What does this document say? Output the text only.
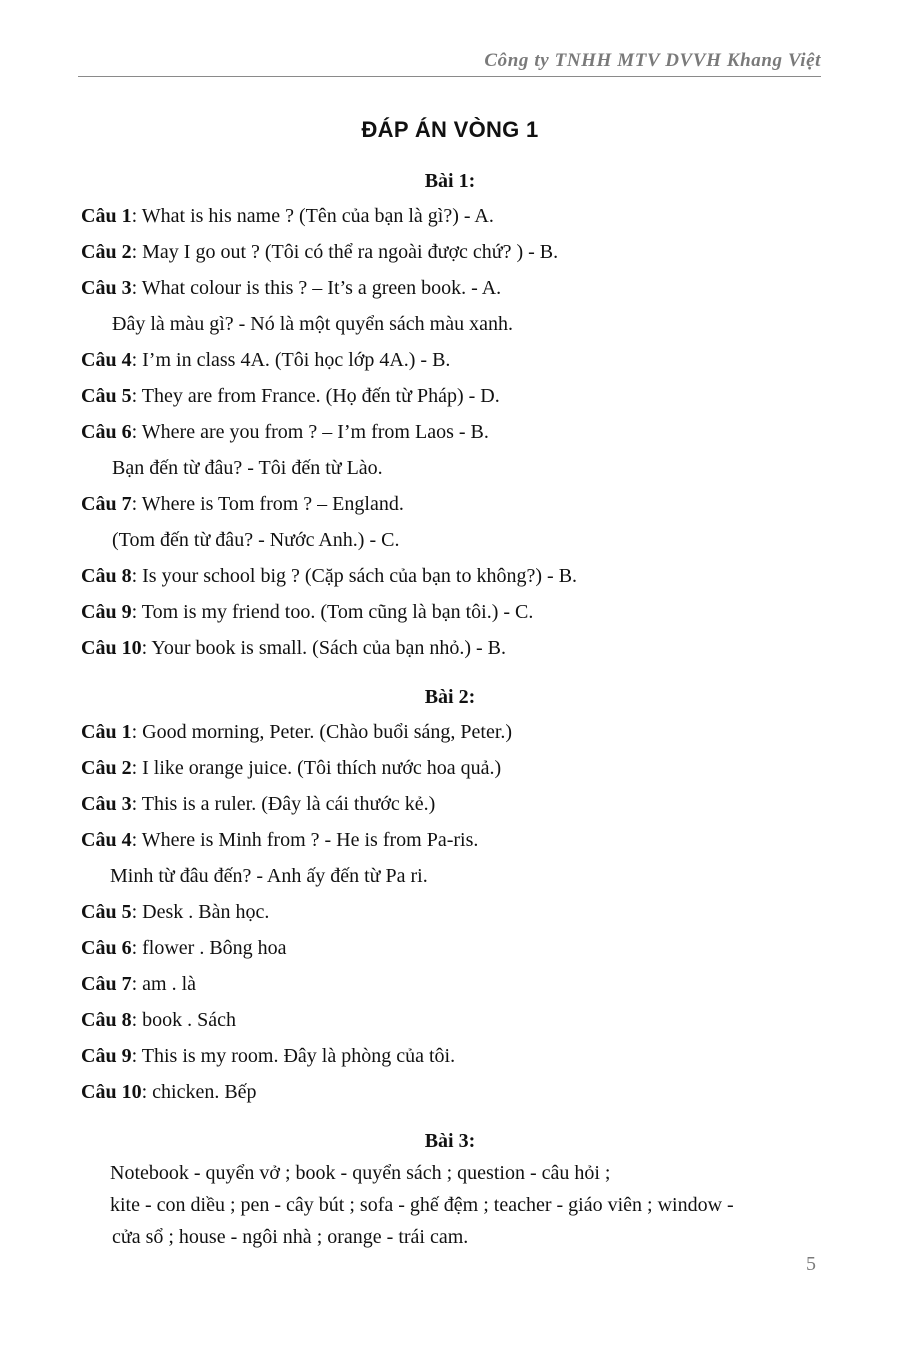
Công ty TNHH MTV DVVH Khang Việt
ĐÁP ÁN VÒNG 1
Bài 1:
Câu 1: What is his name ? (Tên của bạn là gì?) - A.
Câu 2: May I go out ? (Tôi có thể ra ngoài được chứ? ) - B.
Câu 3: What colour is this ? – It’s a green book. - A.
Đây là màu gì? - Nó là một quyển sách màu xanh.
Câu 4: I’m in class 4A. (Tôi học lớp 4A.) - B.
Câu 5: They are from France. (Họ đến từ Pháp) - D.
Câu 6: Where are you from ? – I’m from Laos - B.
Bạn đến từ đâu? - Tôi đến từ Lào.
Câu 7: Where is Tom from ? – England.
(Tom đến từ đâu? - Nước Anh.) - C.
Câu 8: Is your school big ? (Cặp sách của bạn to không?) - B.
Câu 9: Tom is my friend too. (Tom cũng là bạn tôi.) - C.
Câu 10: Your book is small. (Sách của bạn nhỏ.) - B.
Bài 2:
Câu 1: Good morning, Peter. (Chào buổi sáng, Peter.)
Câu 2: I like orange juice. (Tôi thích nước hoa quả.)
Câu 3: This is a ruler. (Đây là cái thước kẻ.)
Câu 4: Where is Minh from ? - He is from Pa-ris.
Minh từ đâu đến? - Anh ấy đến từ Pa ri.
Câu 5: Desk . Bàn học.
Câu 6: flower . Bông hoa
Câu 7: am . là
Câu 8: book . Sách
Câu 9: This is my room. Đây là phòng của tôi.
Câu 10: chicken. Bếp
Bài 3:
Notebook - quyển vở ; book - quyển sách ; question - câu hỏi ;
kite - con diều ; pen - cây bút ; sofa - ghế đệm ; teacher - giáo viên ; window -
cửa sổ ; house - ngôi nhà ; orange - trái cam.
5
